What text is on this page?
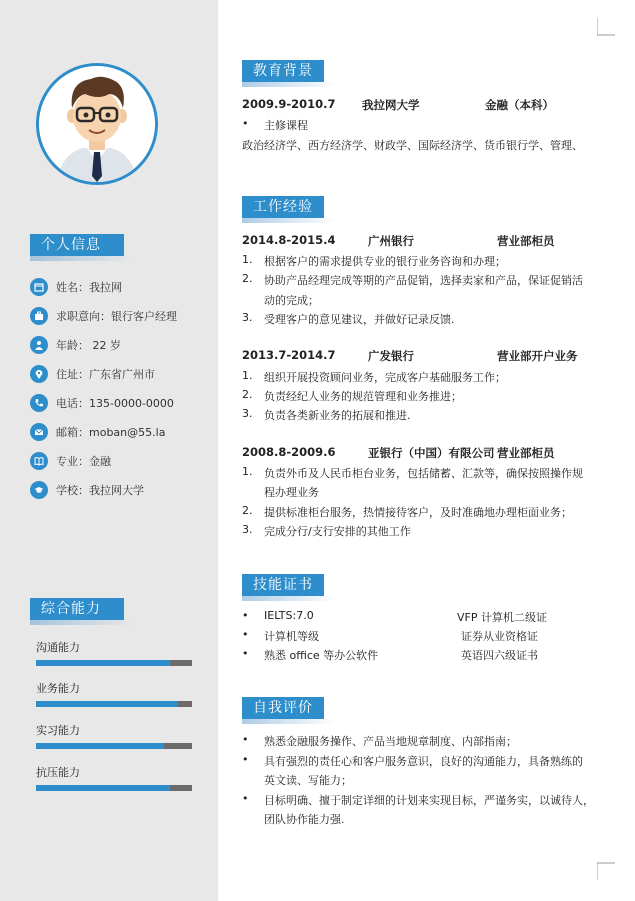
个人信息
姓名：我拉网
求职意向：银行客户经理
年龄： 22 岁
住址：广东省广州市
电话：135-0000-0000
邮箱：moban@55.la
专业：金融
学校：我拉网大学
综合能力
沟通能力
业务能力
实习能力
抗压能力
教育背景
2009.9-2010.7 我拉网大学	金融（本科）
• 主修课程
政治经济学、西方经济学、财政学、国际经济学、货币银行学、管理、
工作经验
2014.8-2015.4	广州银行	营业部柜员
1. 根据客户的需求提供专业的银行业务咨询和办理；
2. 协助产品经理完成等期的产品促销，选择卖家和产品，保证促销活
动的完成；
3. 受理客户的意见建议，并做好记录反馈.
2013.7-2014.7	广发银行	营业部开户业务
1. 组织开展投资顾问业务，完成客户基础服务工作；
2. 负责经纪人业务的规范管理和业务推进；
3. 负责各类新业务的拓展和推进.
2008.8-2009.6	亚银行（中国）有限公司 营业部柜员
1. 负责外币及人民币柜台业务，包括储蓄、汇款等，确保按照操作规
程办理业务
2. 提供标准柜台服务，热情接待客户，及时准确地办理柜面业务；
3. 完成分行/支行安排的其他工作
技能证书
• IELTS:7.0	VFP 计算机二级证
• 计算机等级	证券从业资格证
• 熟悉 office 等办公软件	英语四六级证书
自我评价
• 熟悉金融服务操作、产品当地规章制度、内部指南；
• 具有强烈的责任心和客户服务意识，良好的沟通能力，具备熟练的
英文读、写能力；
• 目标明确、擅于制定详细的计划来实现目标，严谨务实，以诚待人，
团队协作能力强.
